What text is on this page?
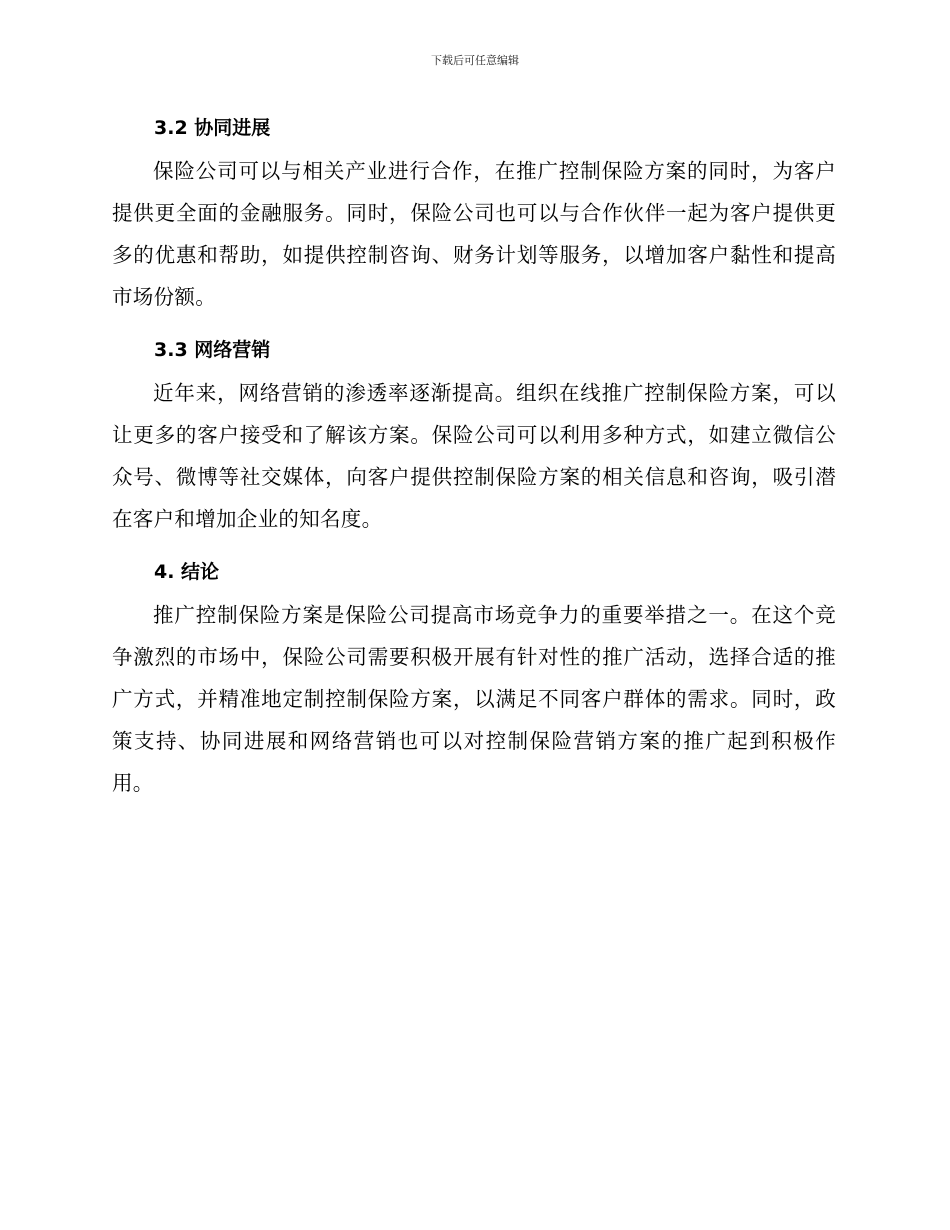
下载后可任意编辑
3.2 协同进展

保险公司可以与相关产业进行合作，在推广控制保险方案的同时，为客户提供更全面的金融服务。同时，保险公司也可以与合作伙伴一起为客户提供更多的优惠和帮助，如提供控制咨询、财务计划等服务，以增加客户黏性和提高市场份额。

3.3 网络营销

近年来，网络营销的渗透率逐渐提高。组织在线推广控制保险方案，可以让更多的客户接受和了解该方案。保险公司可以利用多种方式，如建立微信公众号、微博等社交媒体，向客户提供控制保险方案的相关信息和咨询，吸引潜在客户和增加企业的知名度。

4. 结论

推广控制保险方案是保险公司提高市场竞争力的重要举措之一。在这个竞争激烈的市场中，保险公司需要积极开展有针对性的推广活动，选择合适的推广方式，并精准地定制控制保险方案，以满足不同客户群体的需求。同时，政策支持、协同进展和网络营销也可以对控制保险营销方案的推广起到积极作用。
